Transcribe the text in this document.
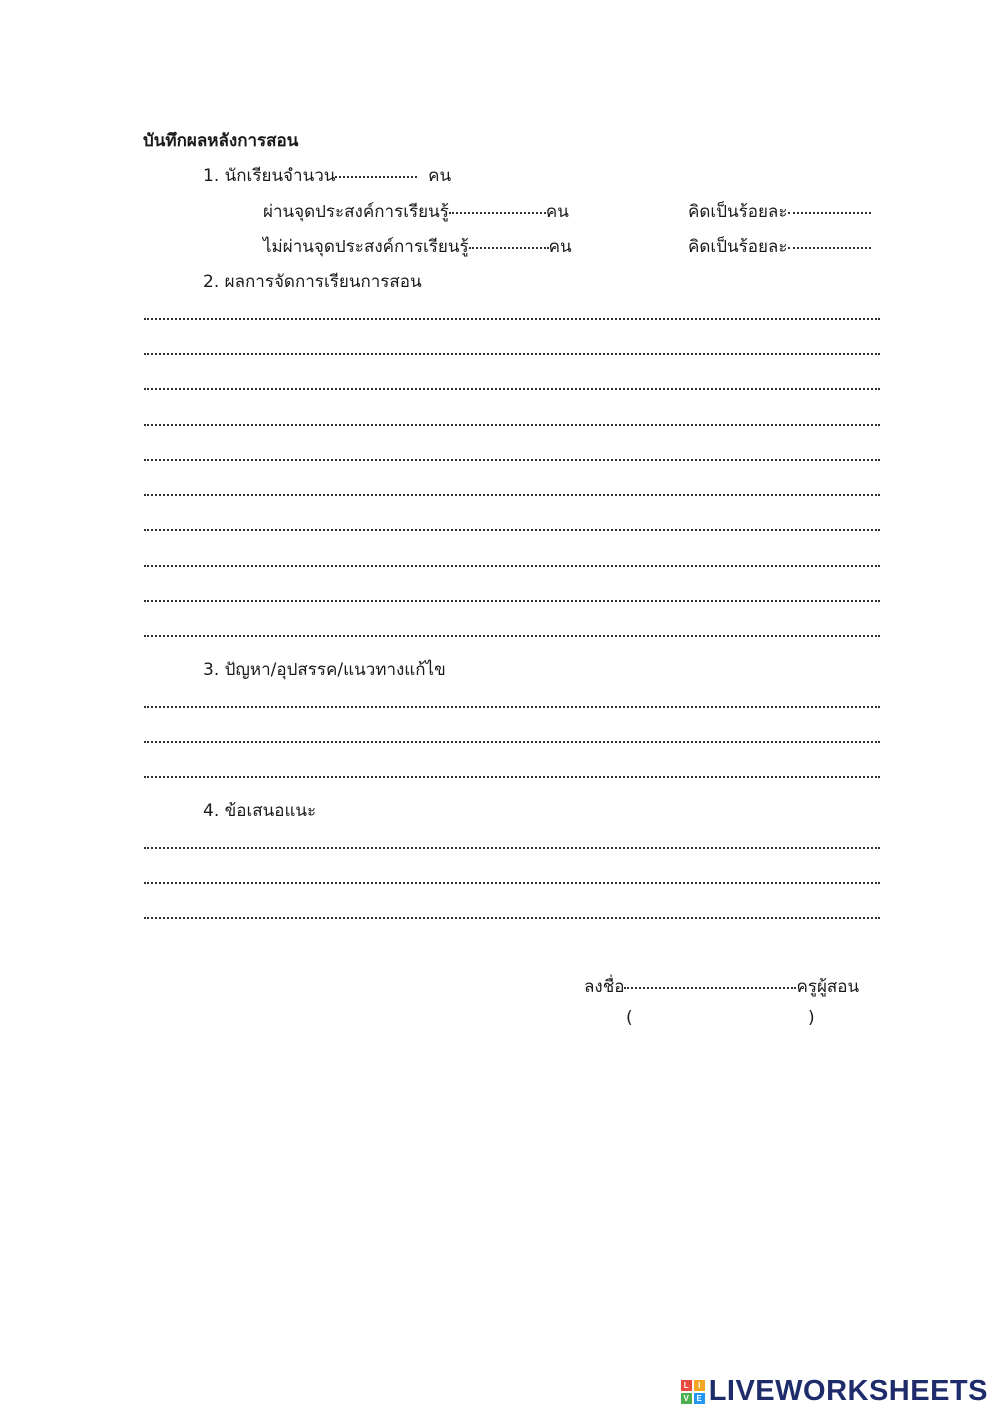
บันทึกผลหลังการสอน
1. นักเรียนจำนวน	คน
ผ่านจุดประสงค์การเรียนรู้	คน	คิดเป็นร้อยละ
ไม่ผ่านจุดประสงค์การเรียนรู้	คน	คิดเป็นร้อยละ
2. ผลการจัดการเรียนการสอน
3. ปัญหา/อุปสรรค/แนวทางแก้ไข
4. ข้อเสนอแนะ
ลงชื่อ	ครูผู้สอน
(	)
L	I
V E LIVEWORKSHEETS
